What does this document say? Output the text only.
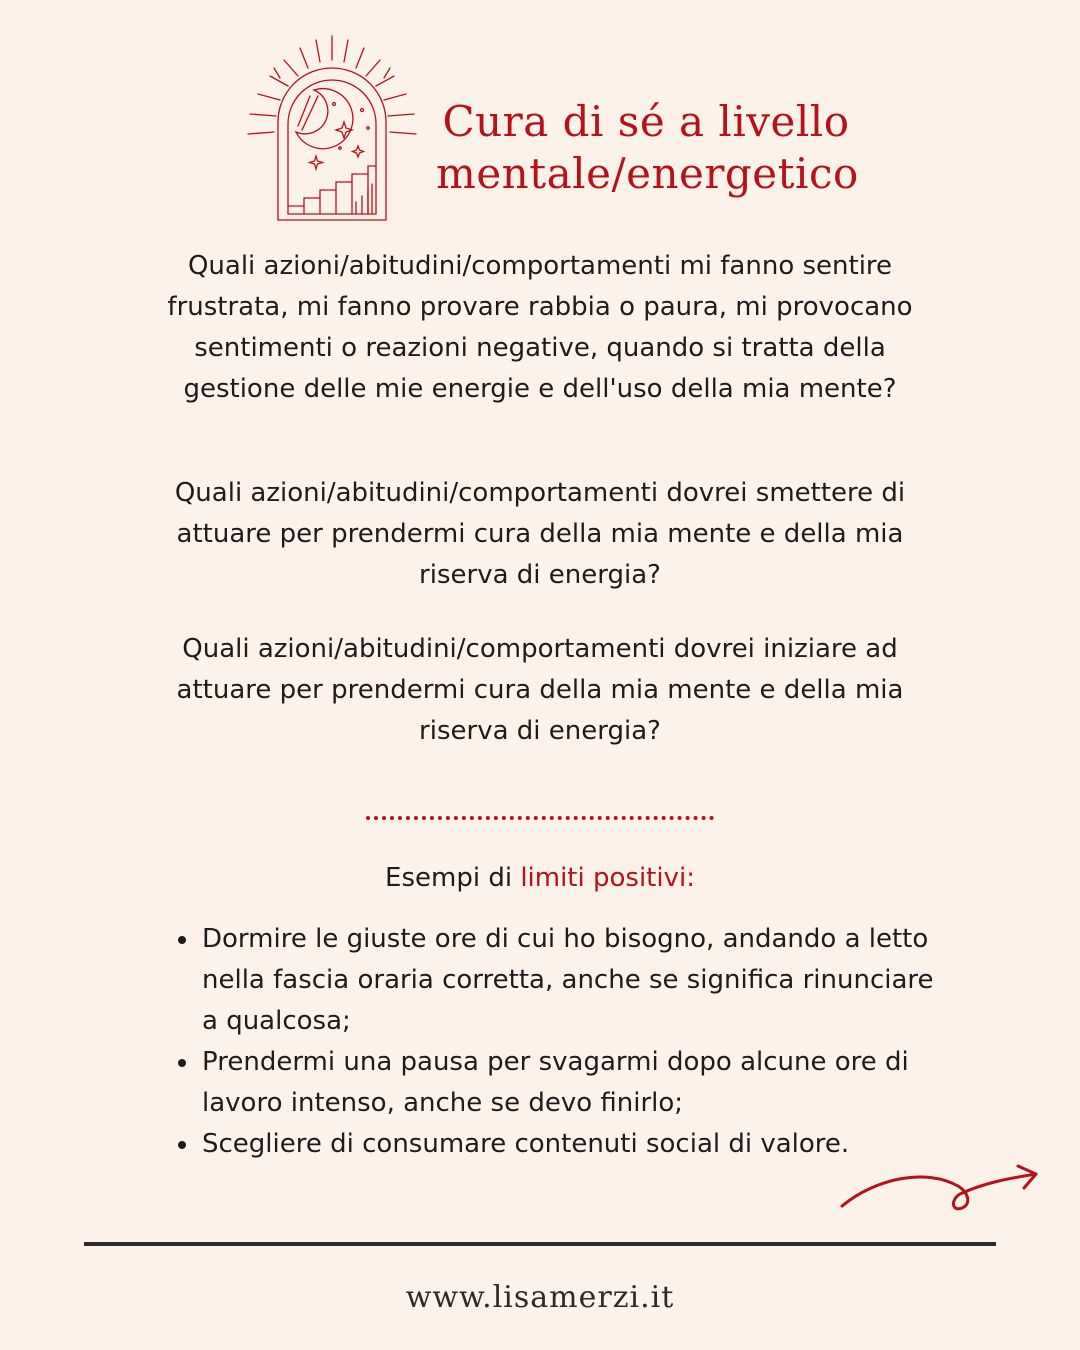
Cura di sé a livello
mentale/energetico

Quali azioni/abitudini/comportamenti mi fanno sentire frustrata, mi fanno provare rabbia o paura, mi provocano sentimenti o reazioni negative, quando si tratta della gestione delle mie energie e dell'uso della mia mente?

Quali azioni/abitudini/comportamenti dovrei smettere di attuare per prendermi cura della mia mente e della mia riserva di energia?

Quali azioni/abitudini/comportamenti dovrei iniziare ad attuare per prendermi cura della mia mente e della mia riserva di energia?

Esempi di limiti positivi:

Dormire le giuste ore di cui ho bisogno, andando a letto nella fascia oraria corretta, anche se significa rinunciare a qualcosa;
Prendermi una pausa per svagarmi dopo alcune ore di lavoro intenso, anche se devo finirlo;
Scegliere di consumare contenuti social di valore.

www.lisamerzi.it
